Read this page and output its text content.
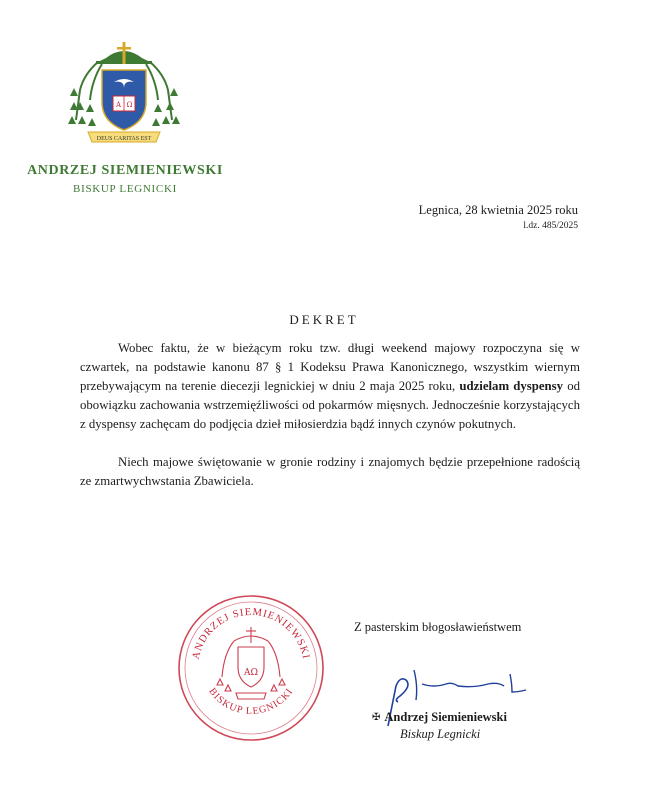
A Ω
DEUS CARITAS EST
ANDRZEJ SIEMIENIEWSKI
BISKUP LEGNICKI
Legnica, 28 kwietnia 2025 roku
l.dz. 485/2025
DEKRET

Wobec faktu, że w bieżącym roku tzw. długi weekend majowy rozpoczyna się w czwartek, na podstawie kanonu 87 § 1 Kodeksu Prawa Kanonicznego, wszystkim wiernym przebywającym na terenie diecezji legnickiej w dniu 2 maja 2025 roku, udzielam dyspensy od obowiązku zachowania wstrzemięźliwości od pokarmów mięsnych. Jednocześnie korzystających z dyspensy zachęcam do podjęcia dzieł miłosierdzia bądź innych czynów pokutnych.

Niech majowe świętowanie w gronie rodziny i znajomych będzie przepełnione radością ze zmartwychwstania Zbawiciela.

ANDRZEJ SIEMIENIEWSKI
BISKUP LEGNICKI
AΩ
Z pasterskim błogosławieństwem
✠ Andrzej Siemieniewski
Biskup Legnicki
